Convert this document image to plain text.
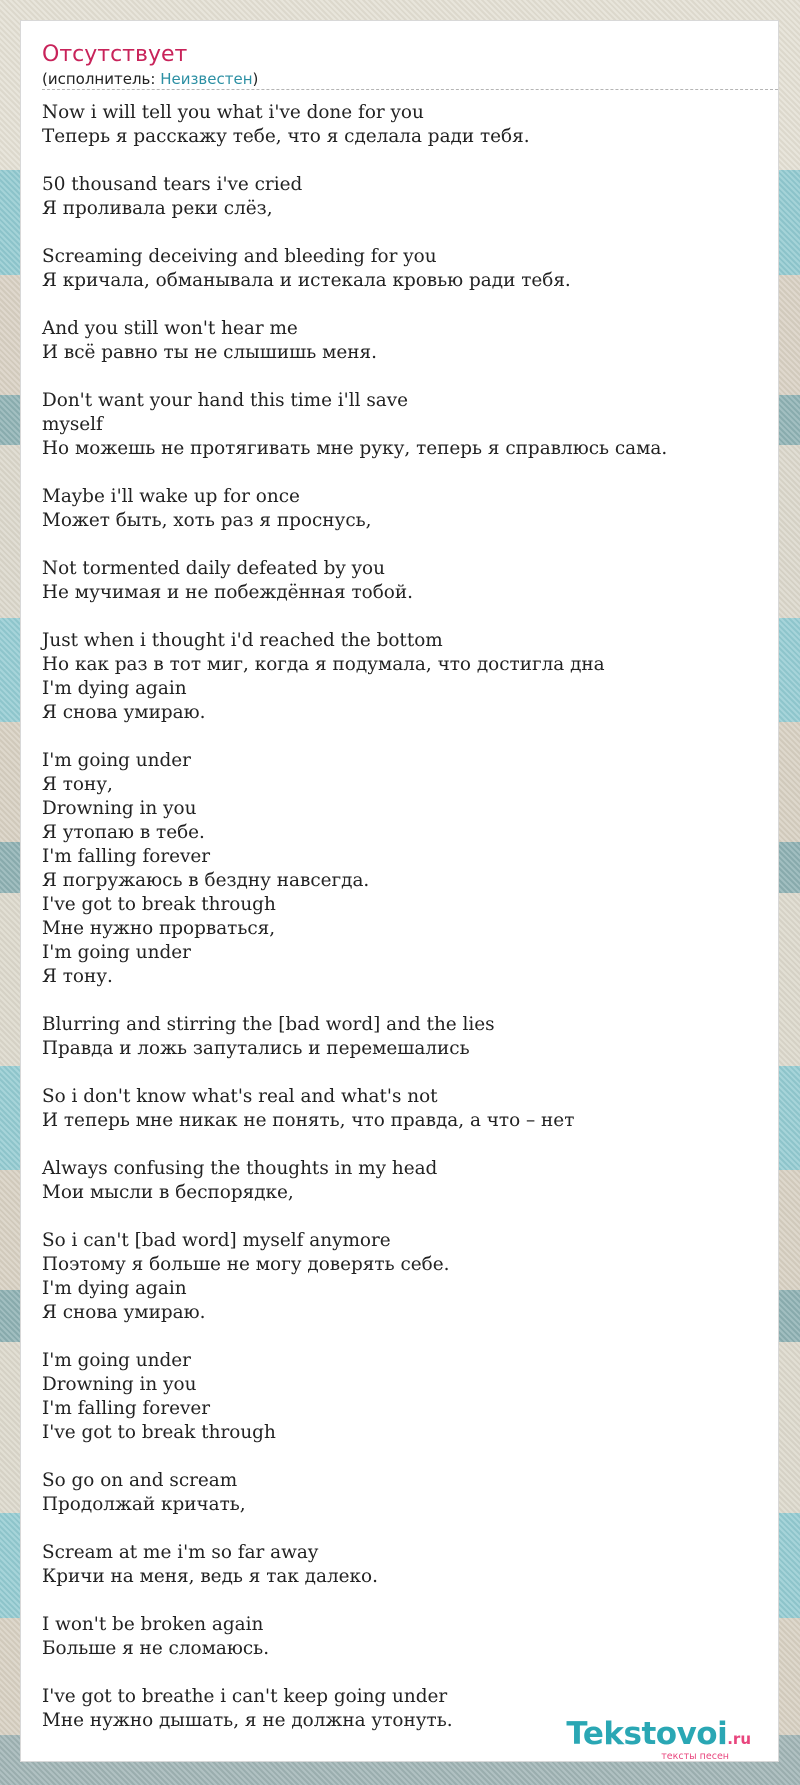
Отсутствует
(исполнитель: Неизвестен)
Now i will tell you what i've done for you
Теперь я расскажу тебе, что я сделала ради тебя.
50 thousand tears i've cried
Я проливала реки слёз,
Screaming deceiving and bleeding for you
Я кричала, обманывала и истекала кровью ради тебя.
And you still won't hear me
И всё равно ты не слышишь меня.
Don't want your hand this time i'll save
myself
Но можешь не протягивать мне руку, теперь я справлюсь сама.
Maybe i'll wake up for once
Может быть, хоть раз я проснусь,
Not tormented daily defeated by you
Не мучимая и не побеждённая тобой.
Just when i thought i'd reached the bottom
Но как раз в тот миг, когда я подумала, что достигла дна
I'm dying again
Я снова умираю.
I'm going under
Я тону,
Drowning in you
Я утопаю в тебе.
I'm falling forever
Я погружаюсь в бездну навсегда.
I've got to break through
Мне нужно прорваться,
I'm going under
Я тону.
Blurring and stirring the [bad word] and the lies
Правда и ложь запутались и перемешались
So i don't know what's real and what's not
И теперь мне никак не понять, что правда, а что – нет
Always confusing the thoughts in my head
Мои мысли в беспорядке,
So i can't [bad word] myself anymore
Поэтому я больше не могу доверять себе.
I'm dying again
Я снова умираю.
I'm going under
Drowning in you
I'm falling forever
I've got to break through
So go on and scream
Продолжай кричать,
Scream at me i'm so far away
Кричи на меня, ведь я так далеко.
I won't be broken again
Больше я не сломаюсь.
I've got to breathe i can't keep going under
Мне нужно дышать, я не должна утонуть.	Tekstovoi.ru
тексты песен
